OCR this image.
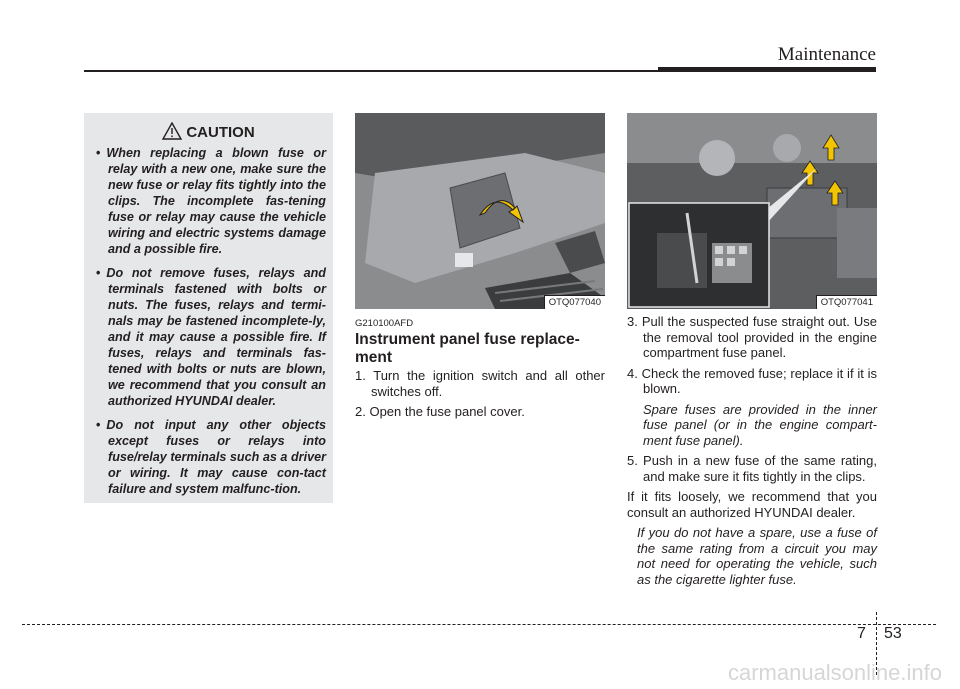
Maintenance
CAUTION
• When replacing a blown fuse or relay with a new one, make sure the new fuse or relay fits tightly into the clips. The incomplete fas-tening fuse or relay may cause the vehicle wiring and electric systems damage and a possible fire.
• Do not remove fuses, relays and terminals fastened with bolts or nuts. The fuses, relays and termi-nals may be fastened incomplete-ly, and it may cause a possible fire. If fuses, relays and terminals fas-tened with bolts or nuts are blown, we recommend that you consult an authorized HYUNDAI dealer.
• Do not input any other objects except fuses or relays into fuse/relay terminals such as a driver or wiring. It may cause con-tact failure and system malfunc-tion.
OTQ077040	OTQ077041
G210100AFD
Instrument panel fuse replace-ment
1. Turn the ignition switch and all other switches off.
2. Open the fuse panel cover.
3. Pull the suspected fuse straight out. Use the removal tool provided in the engine compartment fuse panel.
4. Check the removed fuse; replace it if it is blown.
Spare fuses are provided in the inner fuse panel (or in the engine compart-ment fuse panel).
5. Push in a new fuse of the same rating, and make sure it fits tightly in the clips.
If it fits loosely, we recommend that you consult an authorized HYUNDAI dealer.
If you do not have a spare, use a fuse of the same rating from a circuit you may not need for operating the vehicle, such as the cigarette lighter fuse.
7 53
carmanualsonline.info
